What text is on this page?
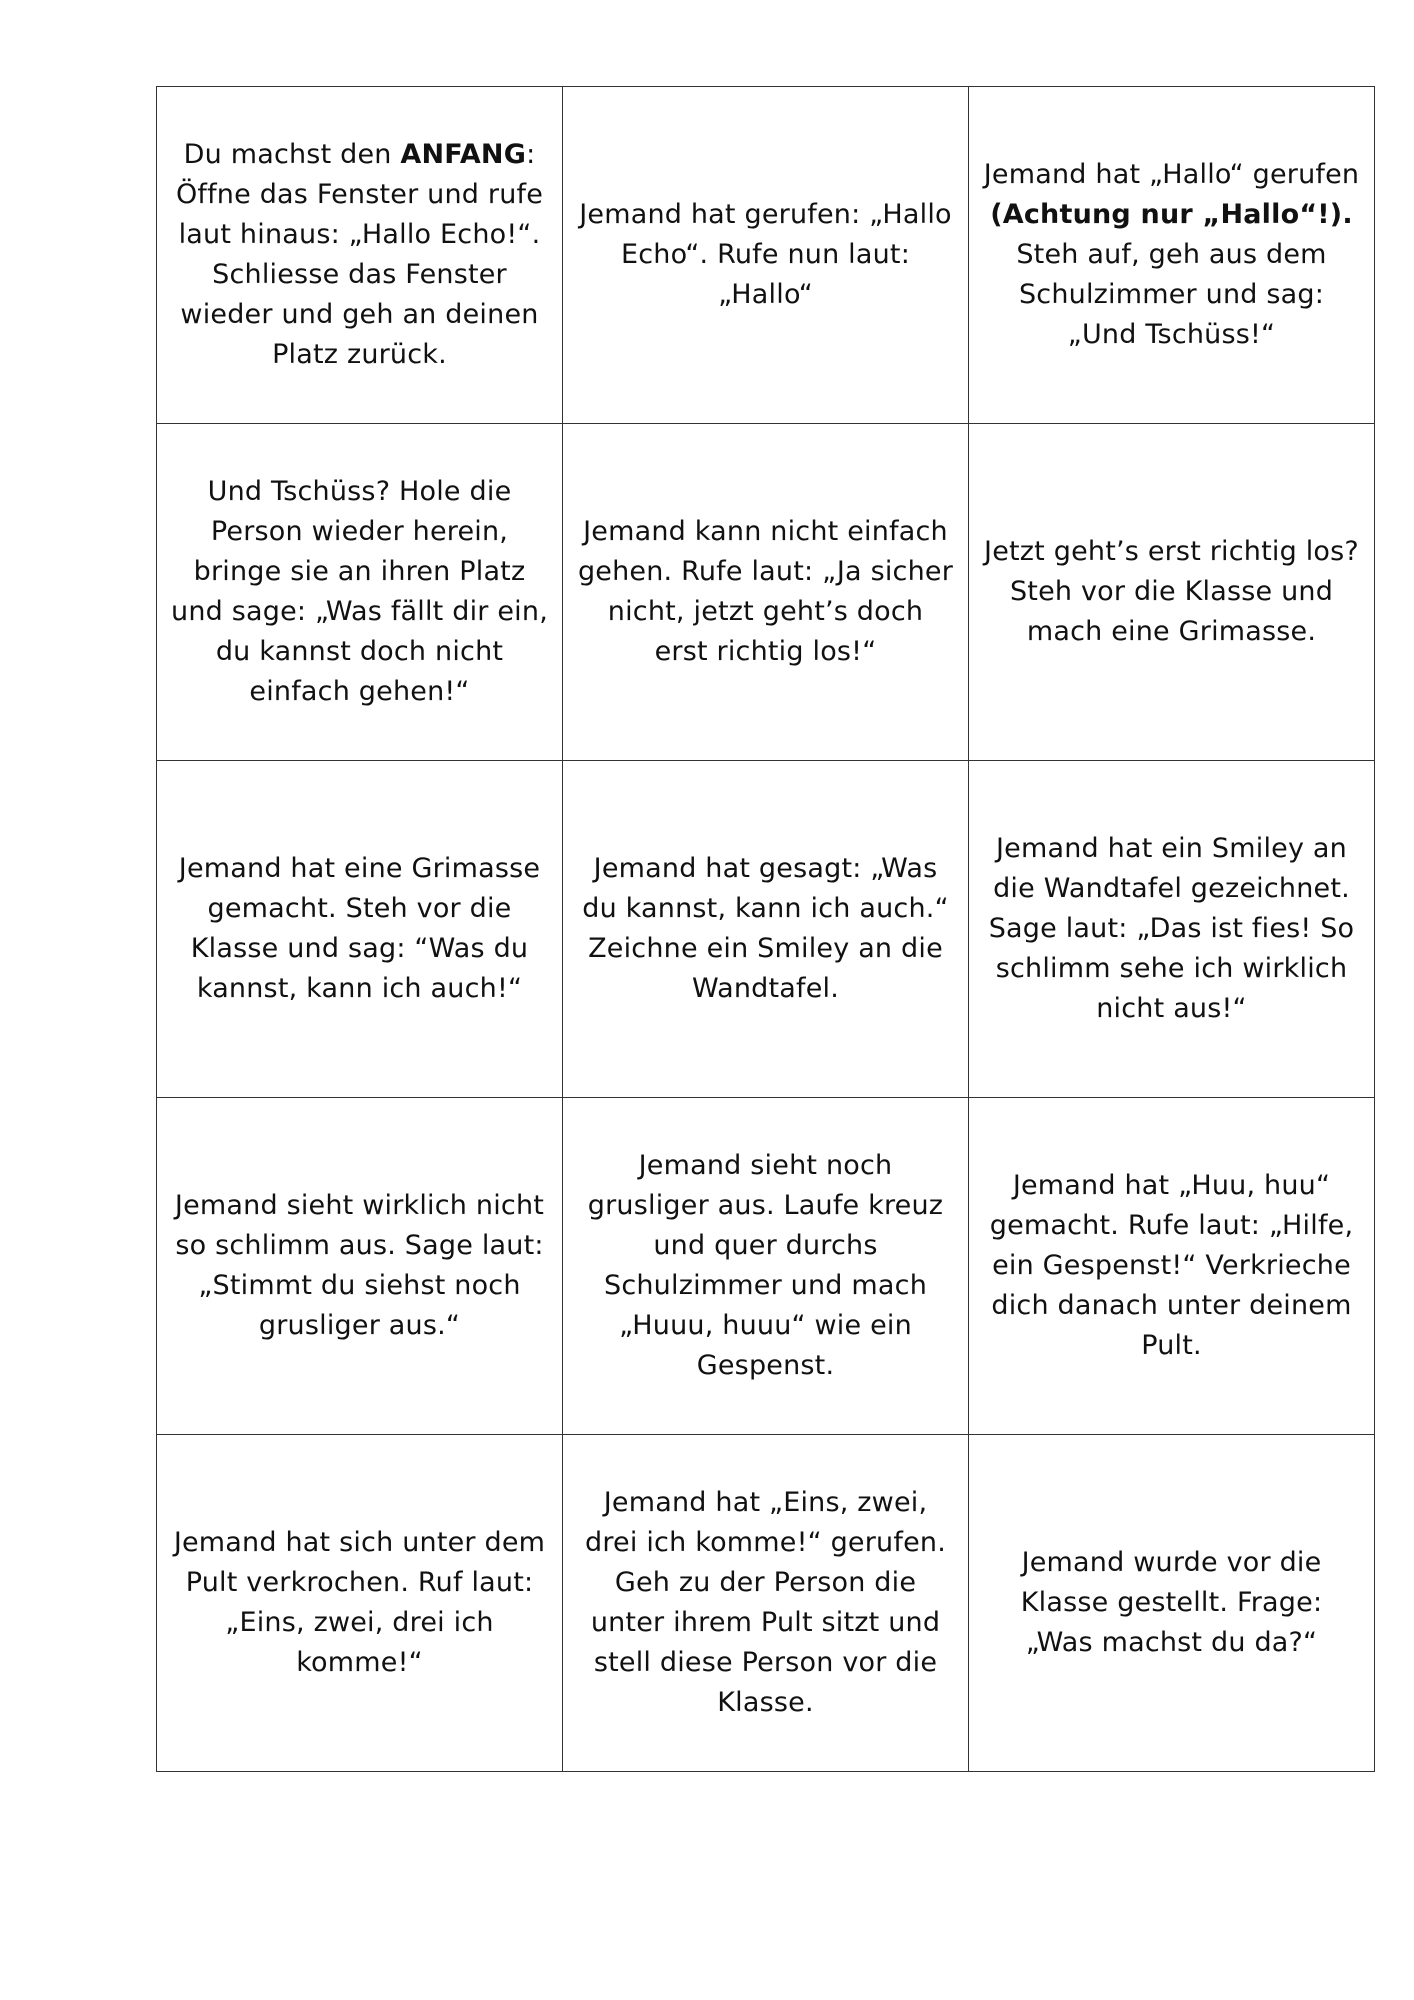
Du machst den ANFANG: Öffne das Fenster und rufe laut hinaus: „Hallo Echo!“. Schliesse das Fenster wieder und geh an deinen Platz zurück.	Jemand hat gerufen: „Hallo Echo“. Rufe nun laut: „Hallo“	Jemand hat „Hallo“ gerufen (Achtung nur „Hallo“!). Steh auf, geh aus dem Schulzimmer und sag: „Und Tschüss!“
Und Tschüss? Hole die Person wieder herein, bringe sie an ihren Platz und sage: „Was fällt dir ein, du kannst doch nicht einfach gehen!“	Jemand kann nicht einfach gehen. Rufe laut: „Ja sicher nicht, jetzt geht’s doch erst richtig los!“	Jetzt geht’s erst richtig los? Steh vor die Klasse und mach eine Grimasse.
Jemand hat eine Grimasse gemacht. Steh vor die Klasse und sag: “Was du kannst, kann ich auch!“	Jemand hat gesagt: „Was du kannst, kann ich auch.“ Zeichne ein Smiley an die Wandtafel.	Jemand hat ein Smiley an die Wandtafel gezeichnet. Sage laut: „Das ist fies! So schlimm sehe ich wirklich nicht aus!“
Jemand sieht wirklich nicht so schlimm aus. Sage laut: „Stimmt du siehst noch grusliger aus.“	Jemand sieht noch grusliger aus. Laufe kreuz und quer durchs Schulzimmer und mach „Huuu, huuu“ wie ein Gespenst.	Jemand hat „Huu, huu“ gemacht. Rufe laut: „Hilfe, ein Gespenst!“ Verkrieche dich danach unter deinem Pult.
Jemand hat sich unter dem Pult verkrochen. Ruf laut: „Eins, zwei, drei ich komme!“	Jemand hat „Eins, zwei, drei ich komme!“ gerufen. Geh zu der Person die unter ihrem Pult sitzt und stell diese Person vor die Klasse.	Jemand wurde vor die Klasse gestellt. Frage: „Was machst du da?“
